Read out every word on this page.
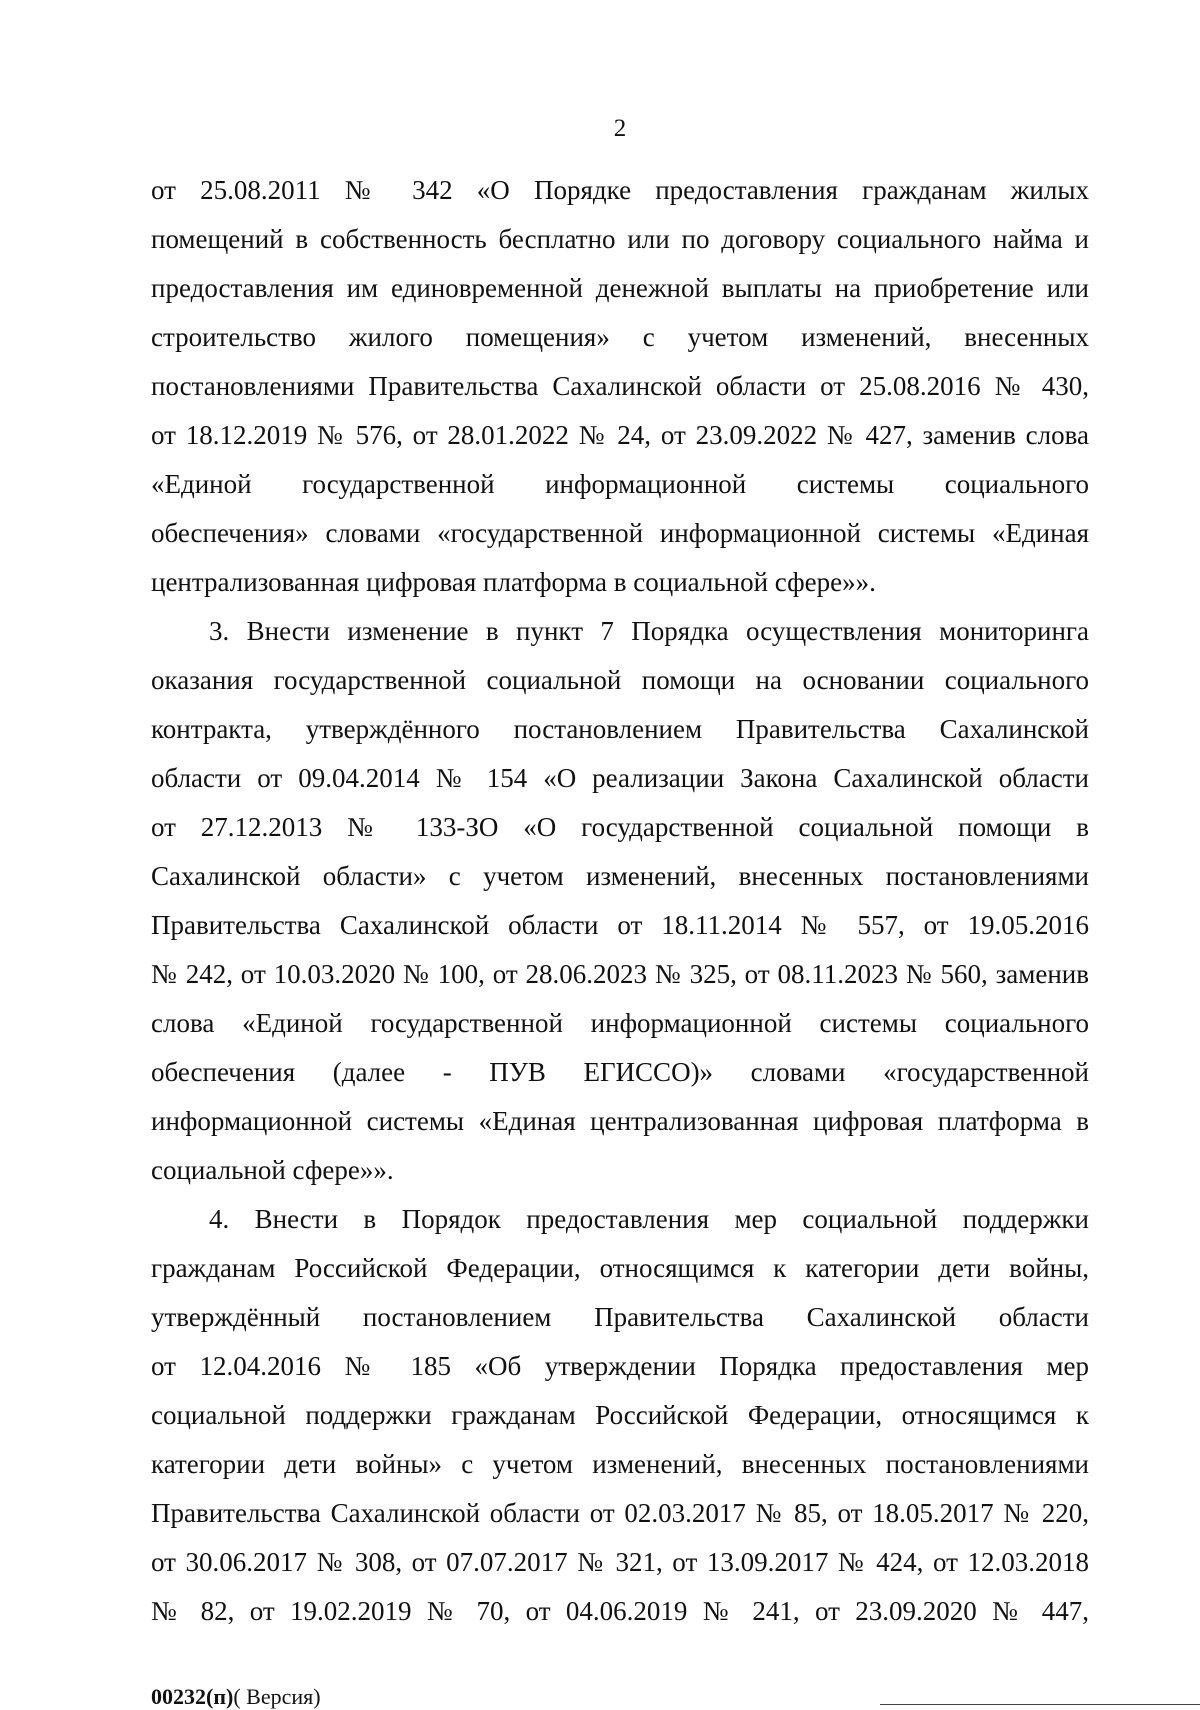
2
от 25.08.2011 № 342 «О Порядке предоставления гражданам жилых
помещений в собственность бесплатно или по договору социального найма и
предоставления им единовременной денежной выплаты на приобретение или
строительство жилого помещения» с учетом изменений, внесенных
постановлениями Правительства Сахалинской области от 25.08.2016 № 430,
от 18.12.2019 № 576, от 28.01.2022 № 24, от 23.09.2022 № 427, заменив слова
«Единой государственной информационной системы социального
обеспечения» словами «государственной информационной системы «Единая
централизованная цифровая платформа в социальной сфере»».
3. Внести изменение в пункт 7 Порядка осуществления мониторинга
оказания государственной социальной помощи на основании социального
контракта, утверждённого постановлением Правительства Сахалинской
области от 09.04.2014 № 154 «О реализации Закона Сахалинской области
от 27.12.2013 № 133-ЗО «О государственной социальной помощи в
Сахалинской области» с учетом изменений, внесенных постановлениями
Правительства Сахалинской области от 18.11.2014 № 557, от 19.05.2016
№ 242, от 10.03.2020 № 100, от 28.06.2023 № 325, от 08.11.2023 № 560, заменив
слова «Единой государственной информационной системы социального
обеспечения (далее - ПУВ ЕГИССО)» словами «государственной
информационной системы «Единая централизованная цифровая платформа в
социальной сфере»».
4. Внести в Порядок предоставления мер социальной поддержки
гражданам Российской Федерации, относящимся к категории дети войны,
утверждённый постановлением Правительства Сахалинской области
от 12.04.2016 № 185 «Об утверждении Порядка предоставления мер
социальной поддержки гражданам Российской Федерации, относящимся к
категории дети войны» с учетом изменений, внесенных постановлениями
Правительства Сахалинской области от 02.03.2017 № 85, от 18.05.2017 № 220,
от 30.06.2017 № 308, от 07.07.2017 № 321, от 13.09.2017 № 424, от 12.03.2018
№ 82, от 19.02.2019 № 70, от 04.06.2019 № 241, от 23.09.2020 № 447,
00232(п)( Версия)
